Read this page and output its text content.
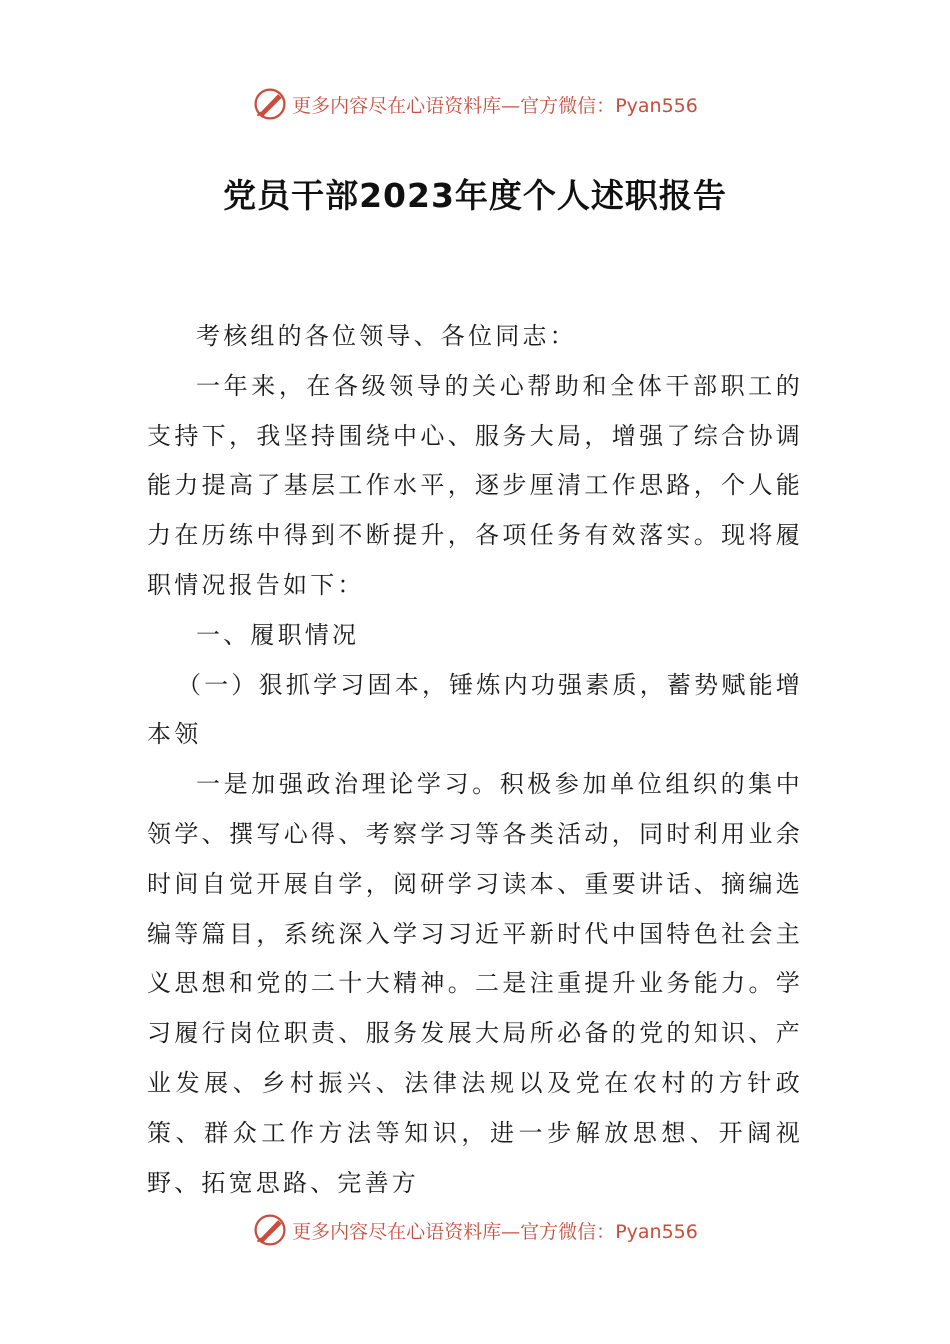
更多内容尽在心语资料库—官方微信：Pyan556
党员干部2023年度个人述职报告

考核组的各位领导、各位同志：

一年来，在各级领导的关心帮助和全体干部职工的支持下，我坚持围绕中心、服务大局，增强了综合协调能力提高了基层工作水平，逐步厘清工作思路，个人能力在历练中得到不断提升，各项任务有效落实。现将履职情况报告如下：

一、履职情况

（一）狠抓学习固本，锤炼内功强素质，蓄势赋能增本领

一是加强政治理论学习。积极参加单位组织的集中领学、撰写心得、考察学习等各类活动，同时利用业余时间自觉开展自学，阅研学习读本、重要讲话、摘编选编等篇目，系统深入学习习近平新时代中国特色社会主义思想和党的二十大精神。二是注重提升业务能力。学习履行岗位职责、服务发展大局所必备的党的知识、产业发展、乡村振兴、法律法规以及党在农村的方针政策、群众工作方法等知识，进一步解放思想、开阔视野、拓宽思路、完善方

更多内容尽在心语资料库—官方微信：Pyan556
